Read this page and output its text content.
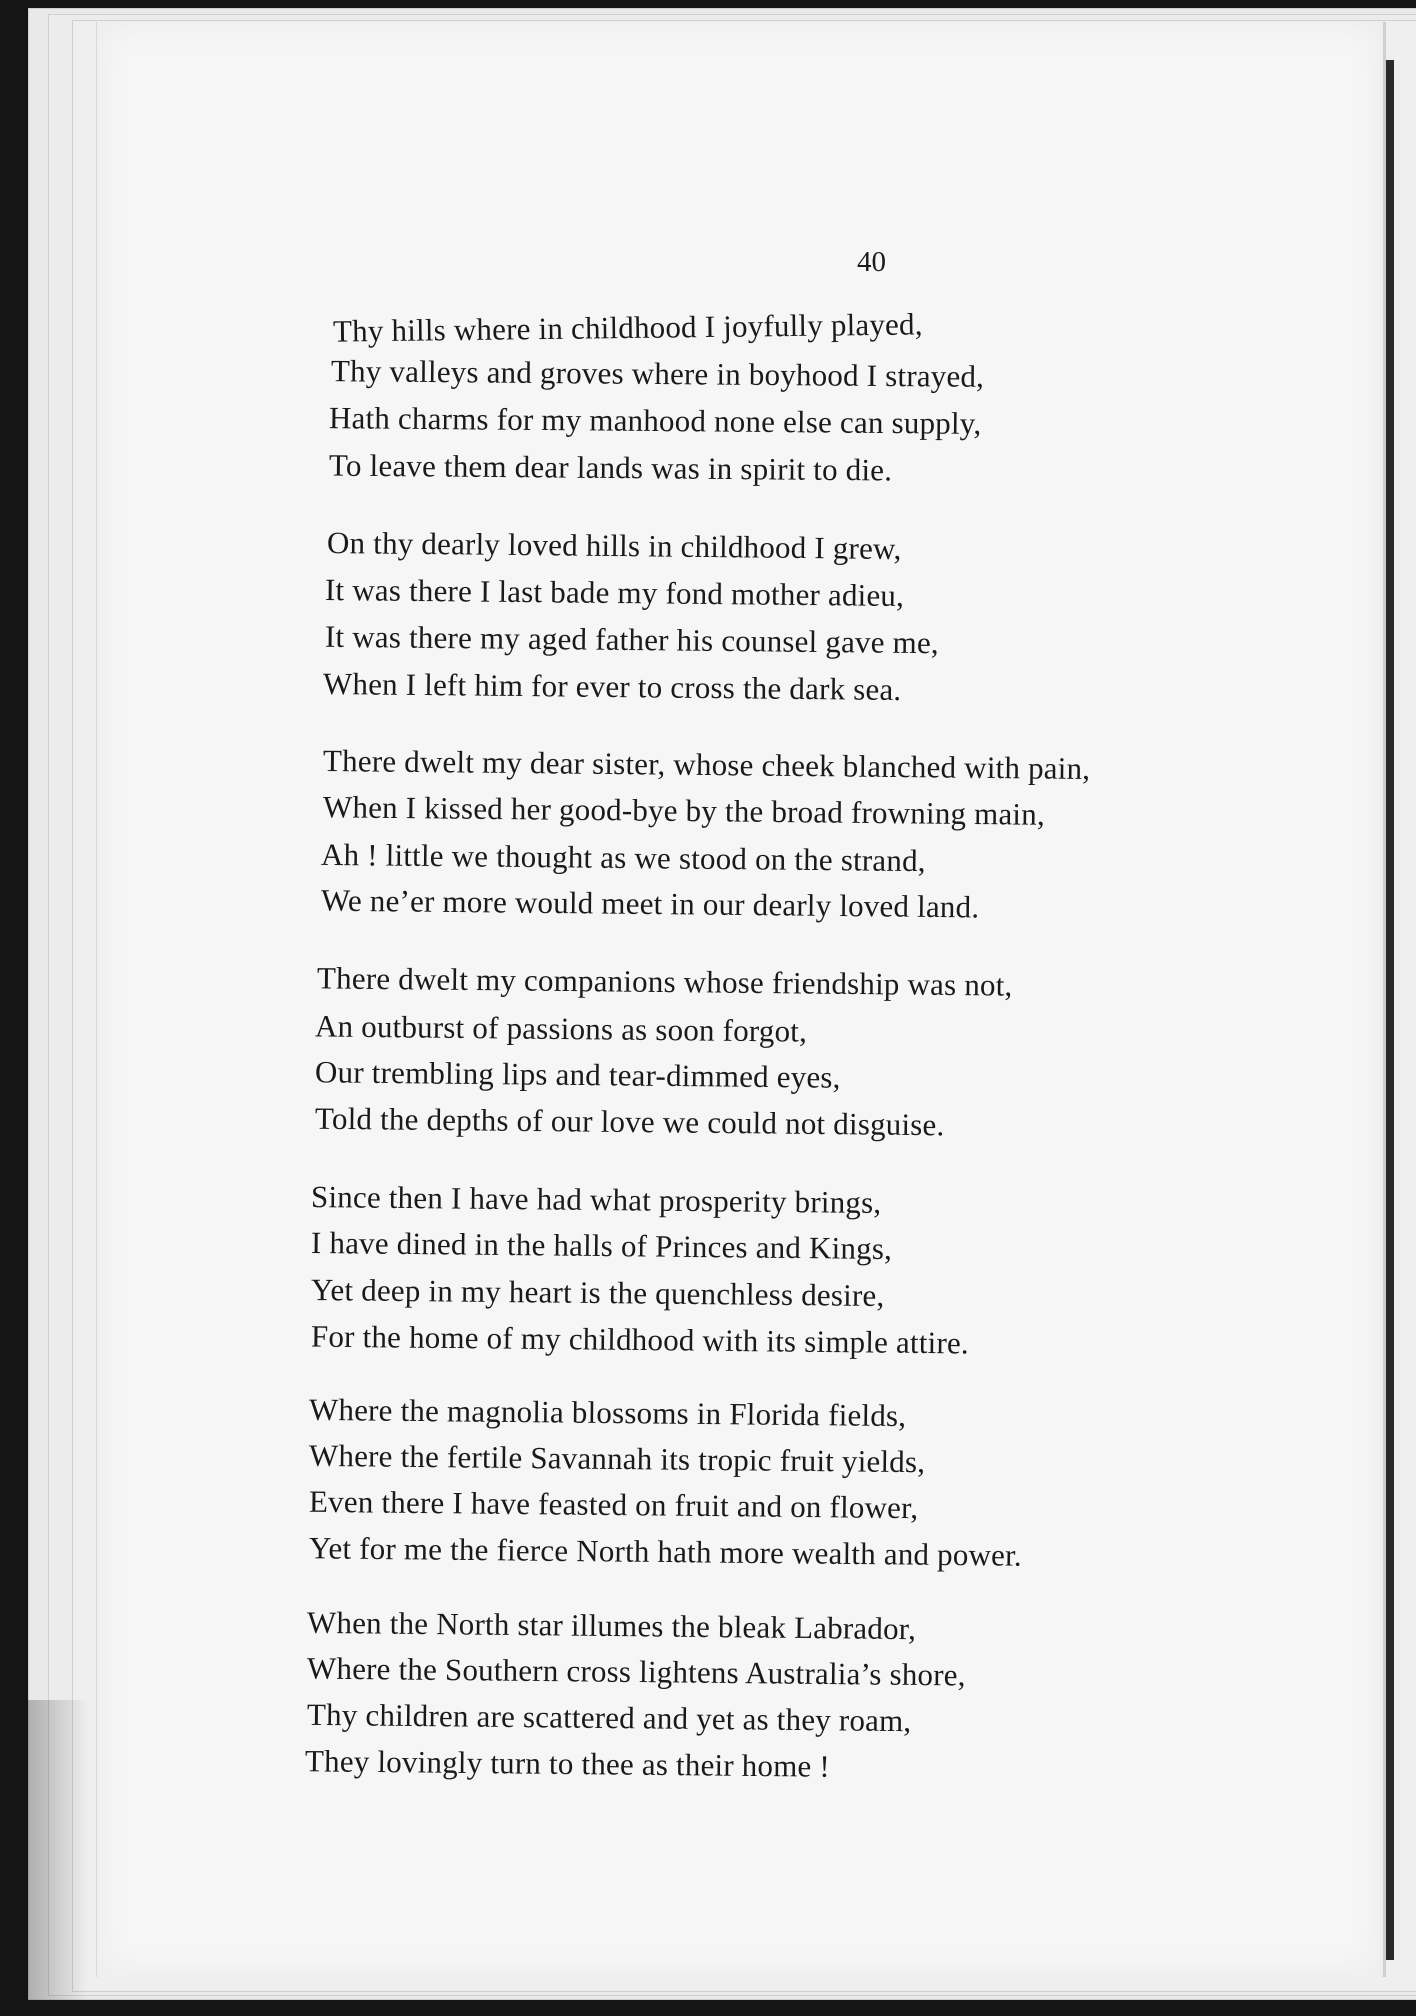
40
Thy hills where in childhood I joyfully played,
Thy valleys and groves where in boyhood I strayed,
Hath charms for my manhood none else can supply,
To leave them dear lands was in spirit to die.
On thy dearly loved hills in childhood I grew,
It was there I last bade my fond mother adieu,
It was there my aged father his counsel gave me,
When I left him for ever to cross the dark sea.
There dwelt my dear sister, whose cheek blanched with pain,
When I kissed her good-bye by the broad frowning main,
Ah ! little we thought as we stood on the strand,
We ne’er more would meet in our dearly loved land.
There dwelt my companions whose friendship was not,
An outburst of passions as soon forgot,
Our trembling lips and tear-dimmed eyes,
Told the depths of our love we could not disguise.
Since then I have had what prosperity brings,
I have dined in the halls of Princes and Kings,
Yet deep in my heart is the quenchless desire,
For the home of my childhood with its simple attire.
Where the magnolia blossoms in Florida fields,
Where the fertile Savannah its tropic fruit yields,
Even there I have feasted on fruit and on flower,
Yet for me the fierce North hath more wealth and power.
When the North star illumes the bleak Labrador,
Where the Southern cross lightens Australia’s shore,
Thy children are scattered and yet as they roam,
They lovingly turn to thee as their home !
